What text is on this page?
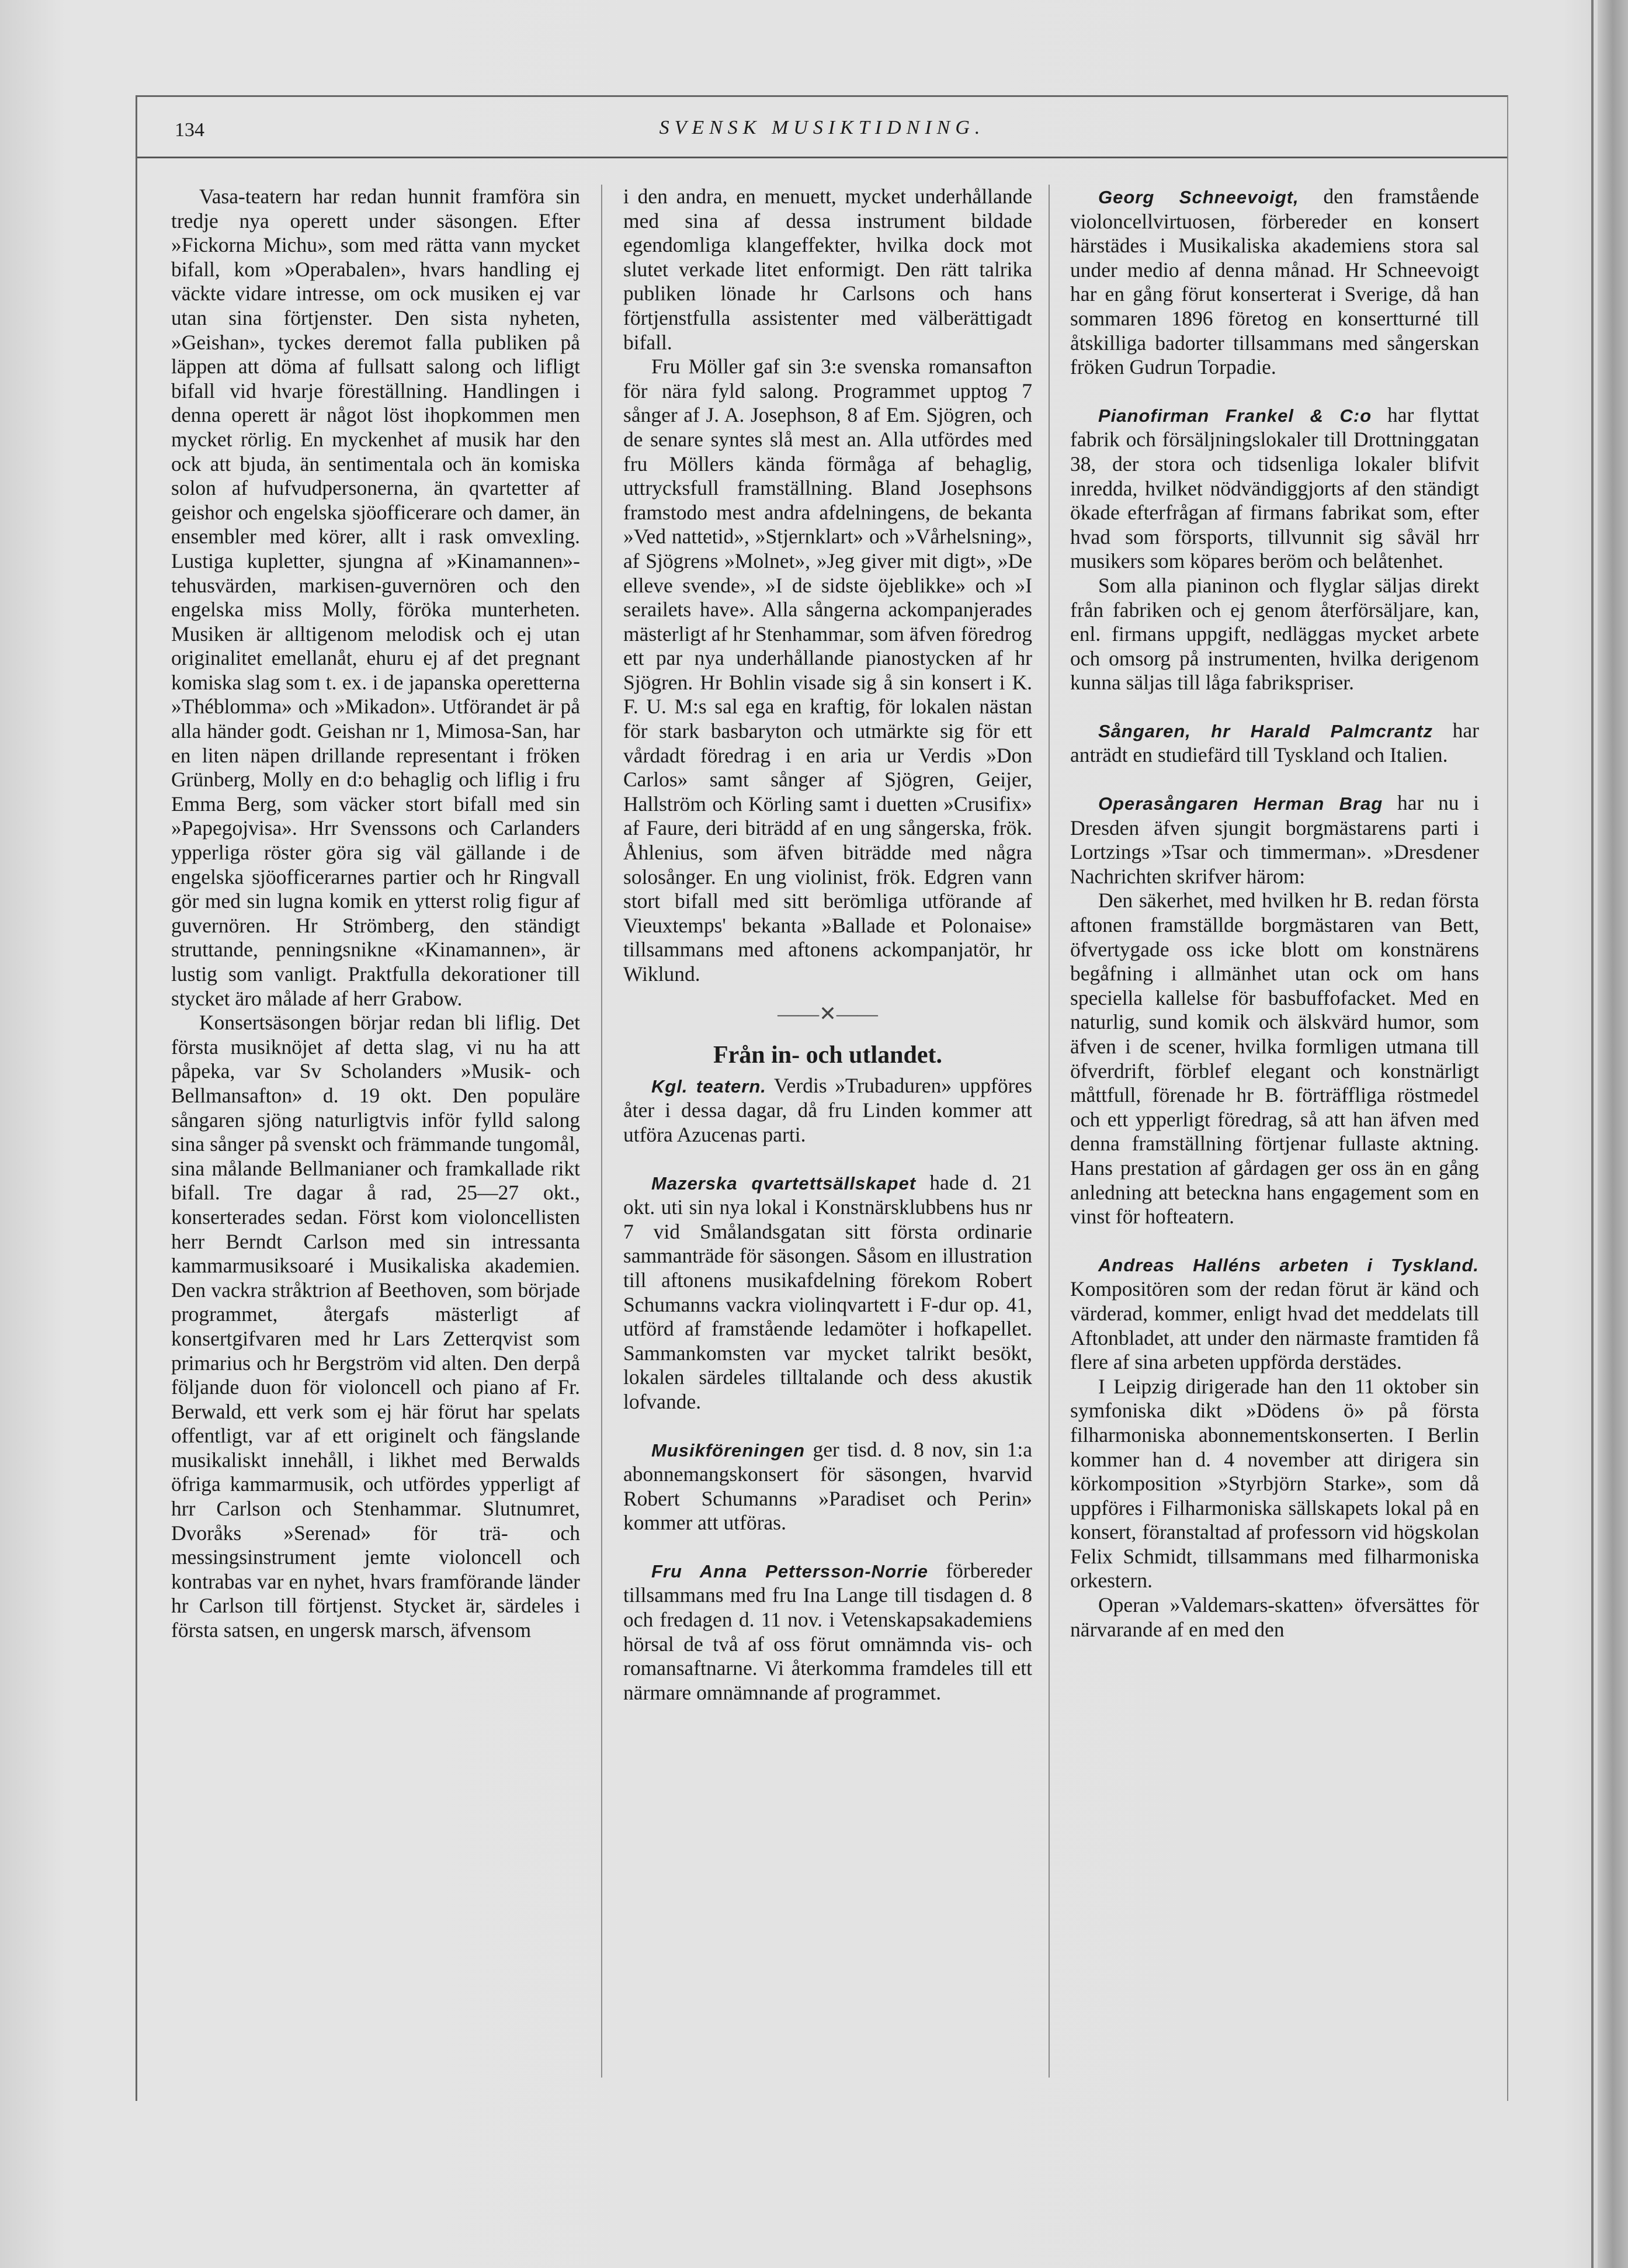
134	SVENSK MUSIKTIDNING.

Vasa-teatern har redan hunnit framföra sin tredje nya operett under säsongen. Efter »Fickorna Michu», som med rätta vann mycket bifall, kom »Operabalen», hvars handling ej väckte vidare intresse, om ock musiken ej var utan sina förtjenster. Den sista nyheten, »Geishan», tyckes deremot falla publiken på läppen att döma af fullsatt salong och lifligt bifall vid hvarje föreställning. Handlingen i denna operett är något löst ihopkommen men mycket rörlig. En myckenhet af musik har den ock att bjuda, än sentimentala och än komiska solon af hufvudpersonerna, än qvartetter af geishor och engelska sjöofficerare och damer, än ensembler med körer, allt i rask omvexling. Lustiga kupletter, sjungna af »Kinamannen»-tehusvärden, markisen-guvernören och den engelska miss Molly, föröka munterheten. Musiken är alltigenom melodisk och ej utan originalitet emellanåt, ehuru ej af det pregnant komiska slag som t. ex. i de japanska operetterna »Théblomma» och »Mikadon». Utförandet är på alla händer godt. Geishan nr 1, Mimosa-San, har en liten näpen drillande representant i fröken Grünberg, Molly en d:o behaglig och liflig i fru Emma Berg, som väcker stort bifall med sin »Papegojvisa». Hrr Svenssons och Carlanders ypperliga röster göra sig väl gällande i de engelska sjöofficerarnes partier och hr Ringvall gör med sin lugna komik en ytterst rolig figur af guvernören. Hr Strömberg, den ständigt struttande, penningsnikne «Kinamannen», är lustig som vanligt. Praktfulla dekorationer till stycket äro målade af herr Grabow.

Konsertsäsongen börjar redan bli liflig. Det första musiknöjet af detta slag, vi nu ha att påpeka, var Sv Scholanders »Musik- och Bellmansafton» d. 19 okt. Den populäre sångaren sjöng naturligtvis inför fylld salong sina sånger på svenskt och främmande tungomål, sina målande Bellmanianer och framkallade rikt bifall. Tre dagar å rad, 25—27 okt., konserterades sedan. Först kom violoncellisten herr Berndt Carlson med sin intressanta kammarmusiksoaré i Musikaliska akademien. Den vackra stråktrion af Beethoven, som började programmet, återgafs mästerligt af konsertgifvaren med hr Lars Zetterqvist som primarius och hr Bergström vid alten. Den derpå följande duon för violoncell och piano af Fr. Berwald, ett verk som ej här förut har spelats offentligt, var af ett originelt och fängslande musikaliskt innehåll, i likhet med Berwalds öfriga kammarmusik, och utfördes ypperligt af hrr Carlson och Stenhammar. Slutnumret, Dvoråks »Serenad» för trä- och messingsinstrument jemte violoncell och kontrabas var en nyhet, hvars framförande länder hr Carlson till förtjenst. Stycket är, särdeles i första satsen, en ungersk marsch, äfvensom

i den andra, en menuett, mycket underhållande med sina af dessa instrument bildade egendomliga klangeffekter, hvilka dock mot slutet verkade litet enformigt. Den rätt talrika publiken lönade hr Carlsons och hans förtjenstfulla assistenter med välberättigadt bifall.

Fru Möller gaf sin 3:e svenska romansafton för nära fyld salong. Programmet upptog 7 sånger af J. A. Josephson, 8 af Em. Sjögren, och de senare syntes slå mest an. Alla utfördes med fru Möllers kända förmåga af behaglig, uttrycksfull framställning. Bland Josephsons framstodo mest andra afdelningens, de bekanta »Ved nattetid», »Stjernklart» och »Vårhelsning», af Sjögrens »Molnet», »Jeg giver mit digt», »De elleve svende», »I de sidste öjeblikke» och »I serailets have». Alla sångerna ackompanjerades mästerligt af hr Stenhammar, som äfven föredrog ett par nya underhållande pianostycken af hr Sjögren. Hr Bohlin visade sig å sin konsert i K. F. U. M:s sal ega en kraftig, för lokalen nästan för stark basbaryton och utmärkte sig för ett vårdadt föredrag i en aria ur Verdis »Don Carlos» samt sånger af Sjögren, Geijer, Hallström och Körling samt i duetten »Crusifix» af Faure, deri biträdd af en ung sångerska, frök. Åhlenius, som äfven biträdde med några solosånger. En ung violinist, frök. Edgren vann stort bifall med sitt berömliga utförande af Vieuxtemps' bekanta »Ballade et Polonaise» tillsammans med aftonens ackompanjatör, hr Wiklund.

——✕——

Från in- och utlandet.

Kgl. teatern. Verdis »Trubaduren» uppföres åter i dessa dagar, då fru Linden kommer att utföra Azucenas parti.

Mazerska qvartettsällskapet hade d. 21 okt. uti sin nya lokal i Konstnärsklubbens hus nr 7 vid Smålandsgatan sitt första ordinarie sammanträde för säsongen. Såsom en illustration till aftonens musikafdelning förekom Robert Schumanns vackra violinqvartett i F-dur op. 41, utförd af framstående ledamöter i hofkapellet. Sammankomsten var mycket talrikt besökt, lokalen särdeles tilltalande och dess akustik lofvande.

Musikföreningen ger tisd. d. 8 nov, sin 1:a abonnemangskonsert för säsongen, hvarvid Robert Schumanns »Paradiset och Perin» kommer att utföras.

Fru Anna Pettersson-Norrie förbereder tillsammans med fru Ina Lange till tisdagen d. 8 och fredagen d. 11 nov. i Vetenskapsakademiens hörsal de två af oss förut omnämnda vis- och romansaftnarne. Vi återkomma framdeles till ett närmare omnämnande af programmet.

Georg Schneevoigt, den framstående violoncellvirtuosen, förbereder en konsert härstädes i Musikaliska akademiens stora sal under medio af denna månad. Hr Schneevoigt har en gång förut konserterat i Sverige, då han sommaren 1896 företog en konsertturné till åtskilliga badorter tillsammans med sångerskan fröken Gudrun Torpadie.

Pianofirman Frankel & C:o har flyttat fabrik och försäljningslokaler till Drottninggatan 38, der stora och tidsenliga lokaler blifvit inredda, hvilket nödvändiggjorts af den ständigt ökade efterfrågan af firmans fabrikat som, efter hvad som försports, tillvunnit sig såväl hrr musikers som köpares beröm och belåtenhet.

Som alla pianinon och flyglar säljas direkt från fabriken och ej genom återförsäljare, kan, enl. firmans uppgift, nedläggas mycket arbete och omsorg på instrumenten, hvilka derigenom kunna säljas till låga fabrikspriser.

Sångaren, hr Harald Palmcrantz har anträdt en studiefärd till Tyskland och Italien.

Operasångaren Herman Brag har nu i Dresden äfven sjungit borgmästarens parti i Lortzings »Tsar och timmerman». »Dresdener Nachrichten skrifver härom:

Den säkerhet, med hvilken hr B. redan första aftonen framställde borgmästaren van Bett, öfvertygade oss icke blott om konstnärens begåfning i allmänhet utan ock om hans speciella kallelse för basbuffofacket. Med en naturlig, sund komik och älskvärd humor, som äfven i de scener, hvilka formligen utmana till öfverdrift, förblef elegant och konstnärligt måttfull, förenade hr B. förträffliga röstmedel och ett ypperligt föredrag, så att han äfven med denna framställning förtjenar fullaste aktning. Hans prestation af gårdagen ger oss än en gång anledning att beteckna hans engagement som en vinst för hofteatern.

Andreas Halléns arbeten i Tyskland. Kompositören som der redan förut är känd och värderad, kommer, enligt hvad det meddelats till Aftonbladet, att under den närmaste framtiden få flere af sina arbeten uppförda derstädes.

I Leipzig dirigerade han den 11 oktober sin symfoniska dikt »Dödens ö» på första filharmoniska abonnementskonserten. I Berlin kommer han d. 4 november att dirigera sin körkomposition »Styrbjörn Starke», som då uppföres i Filharmoniska sällskapets lokal på en konsert, föranstaltad af professorn vid högskolan Felix Schmidt, tillsammans med filharmoniska orkestern.

Operan »Valdemars-skatten» öfversättes för närvarande af en med den
